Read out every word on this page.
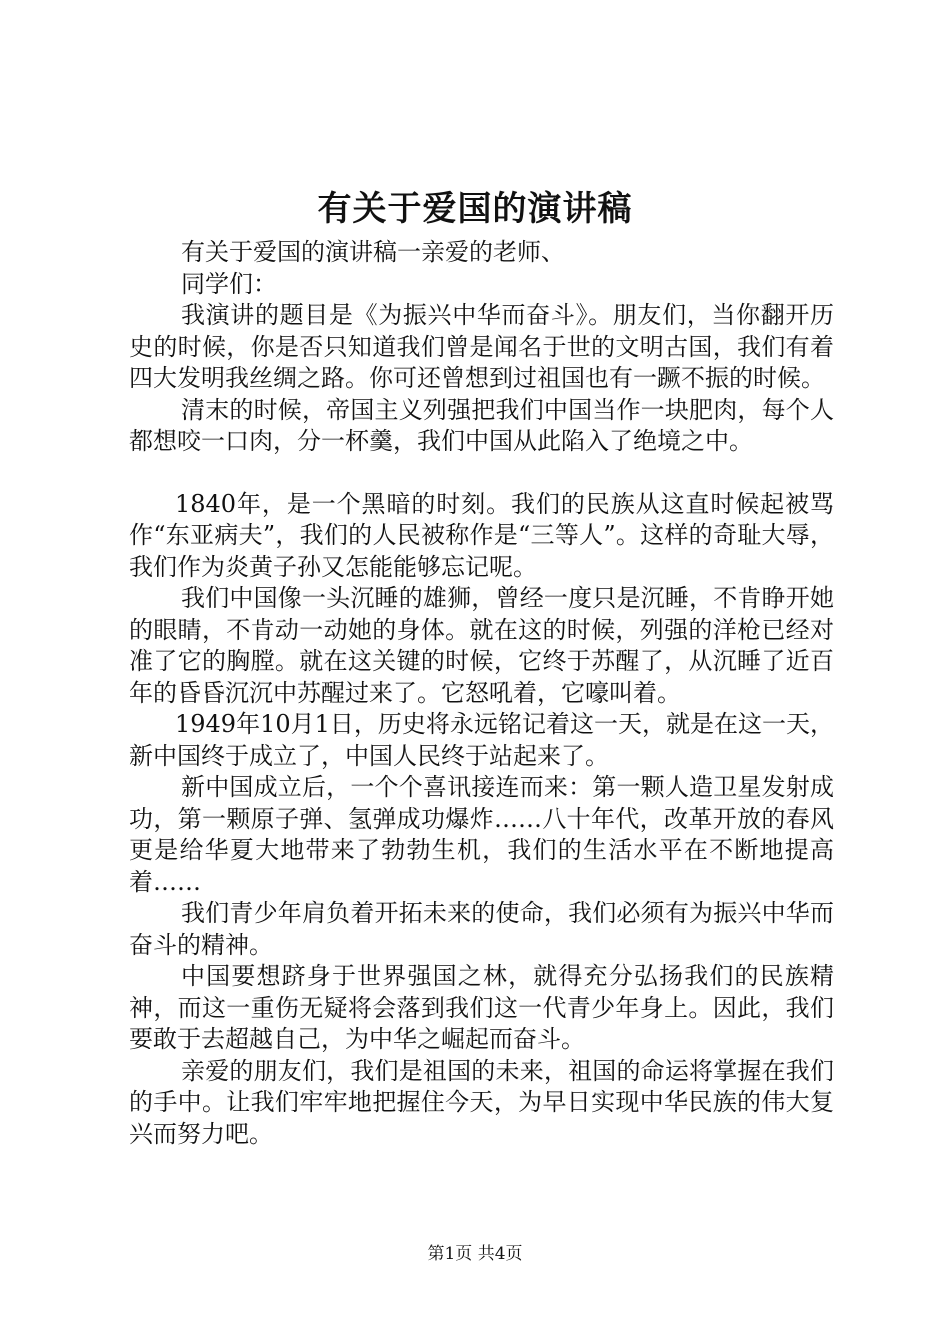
有关于爱国的演讲稿

有关于爱国的演讲稿一亲爱的老师、

同学们：

我演讲的题目是《为振兴中华而奋斗》。朋友们，当你翻开历史的时候，你是否只知道我们曾是闻名于世的文明古国，我们有着四大发明我丝绸之路。你可还曾想到过祖国也有一蹶不振的时候。

清末的时候，帝国主义列强把我们中国当作一块肥肉，每个人都想咬一口肉，分一杯羹，我们中国从此陷入了绝境之中。

1840年，是一个黑暗的时刻。我们的民族从这直时候起被骂作“东亚病夫”，我们的人民被称作是“三等人”。这样的奇耻大辱，我们作为炎黄子孙又怎能能够忘记呢。

我们中国像一头沉睡的雄狮，曾经一度只是沉睡，不肯睁开她的眼睛，不肯动一动她的身体。就在这的时候，列强的洋枪已经对准了它的胸膛。就在这关键的时候，它终于苏醒了，从沉睡了近百年的昏昏沉沉中苏醒过来了。它怒吼着，它嚎叫着。

1949年10月1日，历史将永远铭记着这一天，就是在这一天，新中国终于成立了，中国人民终于站起来了。

新中国成立后，一个个喜讯接连而来：第一颗人造卫星发射成功，第一颗原子弹、氢弹成功爆炸……八十年代，改革开放的春风更是给华夏大地带来了勃勃生机，我们的生活水平在不断地提高着……

我们青少年肩负着开拓未来的使命，我们必须有为振兴中华而奋斗的精神。

中国要想跻身于世界强国之林，就得充分弘扬我们的民族精神，而这一重伤无疑将会落到我们这一代青少年身上。因此，我们要敢于去超越自己，为中华之崛起而奋斗。

亲爱的朋友们，我们是祖国的未来，祖国的命运将掌握在我们的手中。让我们牢牢地把握住今天，为早日实现中华民族的伟大复兴而努力吧。

第1页 共4页
